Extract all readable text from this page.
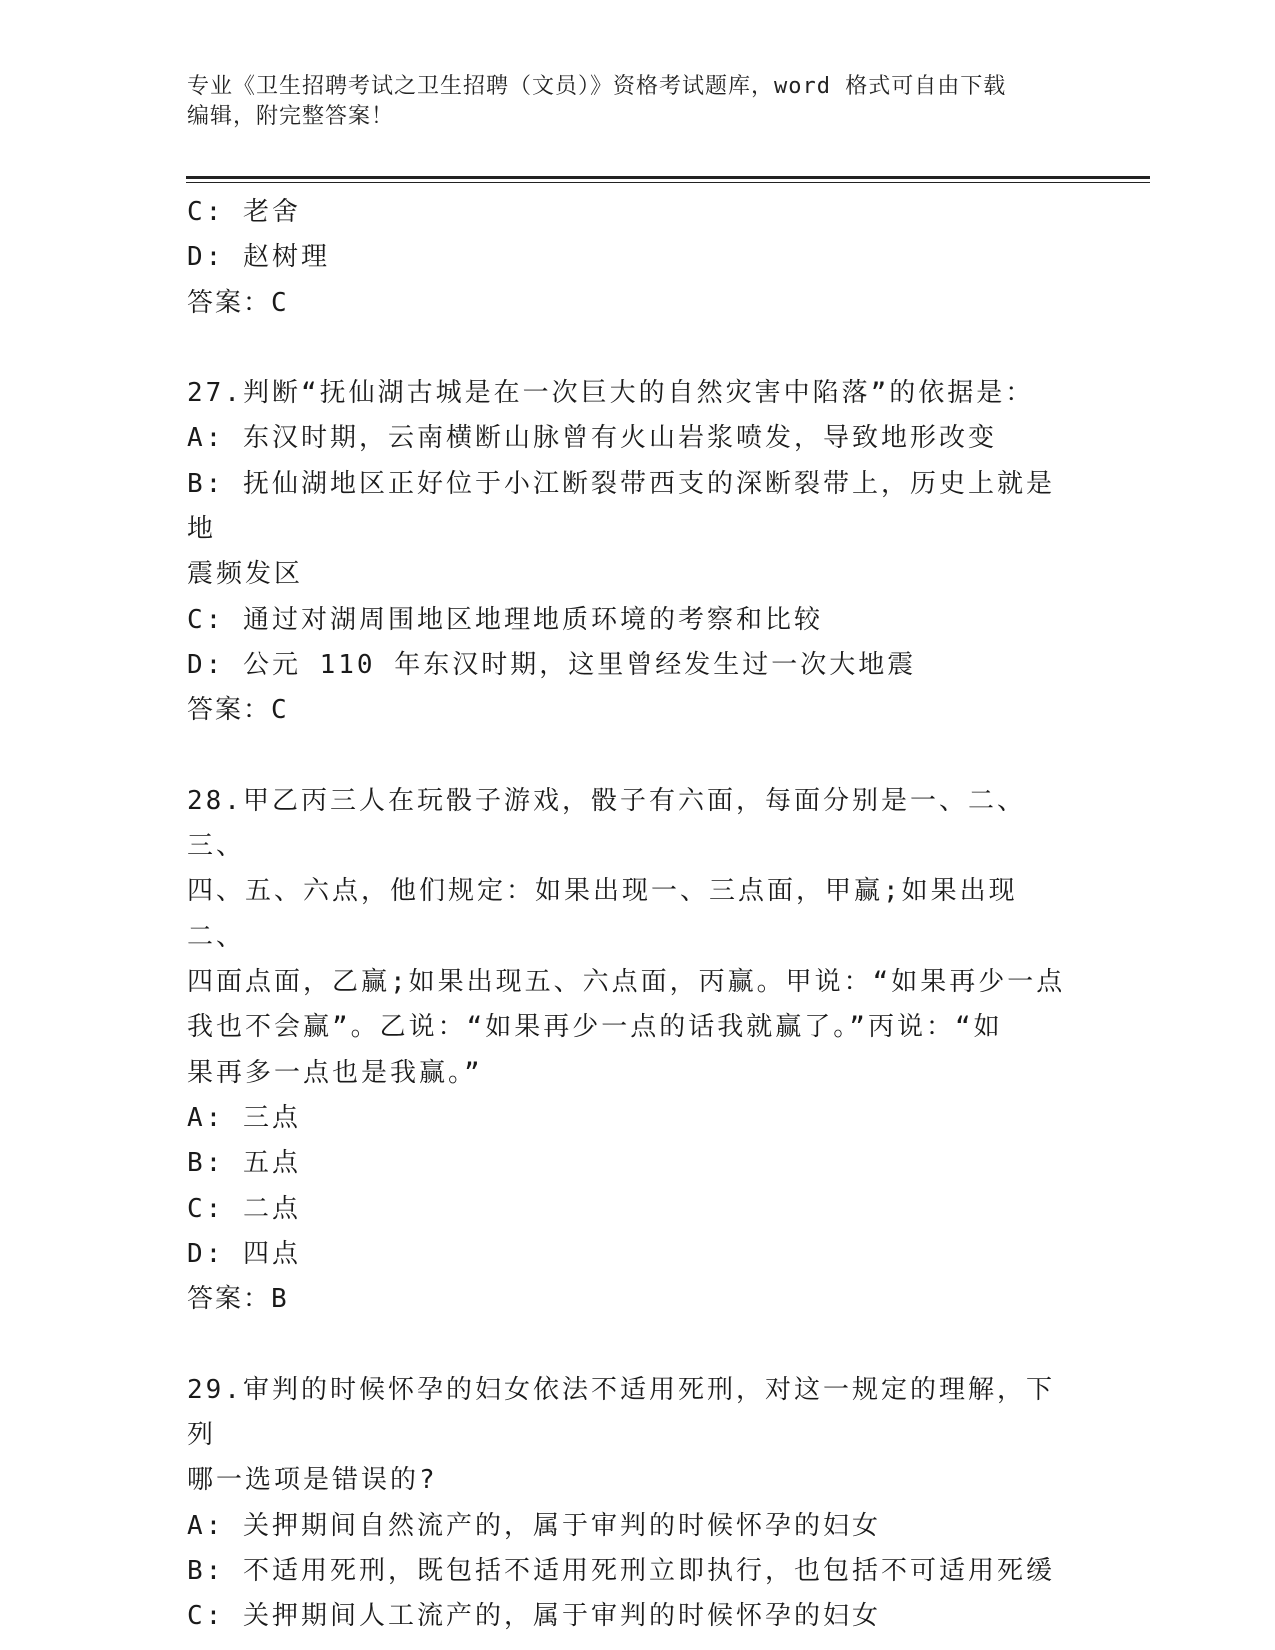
专业《卫生招聘考试之卫生招聘（文员）》资格考试题库，word 格式可自由下载
编辑，附完整答案！
C: 老舍
D: 赵树理
答案：C
27.判断“抚仙湖古城是在一次巨大的自然灾害中陷落”的依据是：
A: 东汉时期，云南横断山脉曾有火山岩浆喷发，导致地形改变
B: 抚仙湖地区正好位于小江断裂带西支的深断裂带上，历史上就是地
震频发区
C: 通过对湖周围地区地理地质环境的考察和比较
D: 公元 110 年东汉时期，这里曾经发生过一次大地震
答案：C
28.甲乙丙三人在玩骰子游戏，骰子有六面，每面分别是一、二、三、
四、五、六点，他们规定：如果出现一、三点面，甲赢;如果出现二、
四面点面，乙赢;如果出现五、六点面，丙赢。甲说：“如果再少一点
我也不会赢”。乙说：“如果再少一点的话我就赢了。”丙说：“如
果再多一点也是我赢。”
A: 三点
B: 五点
C: 二点
D: 四点
答案：B
29.审判的时候怀孕的妇女依法不适用死刑，对这一规定的理解，下列
哪一选项是错误的?
A: 关押期间自然流产的，属于审判的时候怀孕的妇女
B: 不适用死刑，既包括不适用死刑立即执行，也包括不可适用死缓
C: 关押期间人工流产的，属于审判的时候怀孕的妇女
